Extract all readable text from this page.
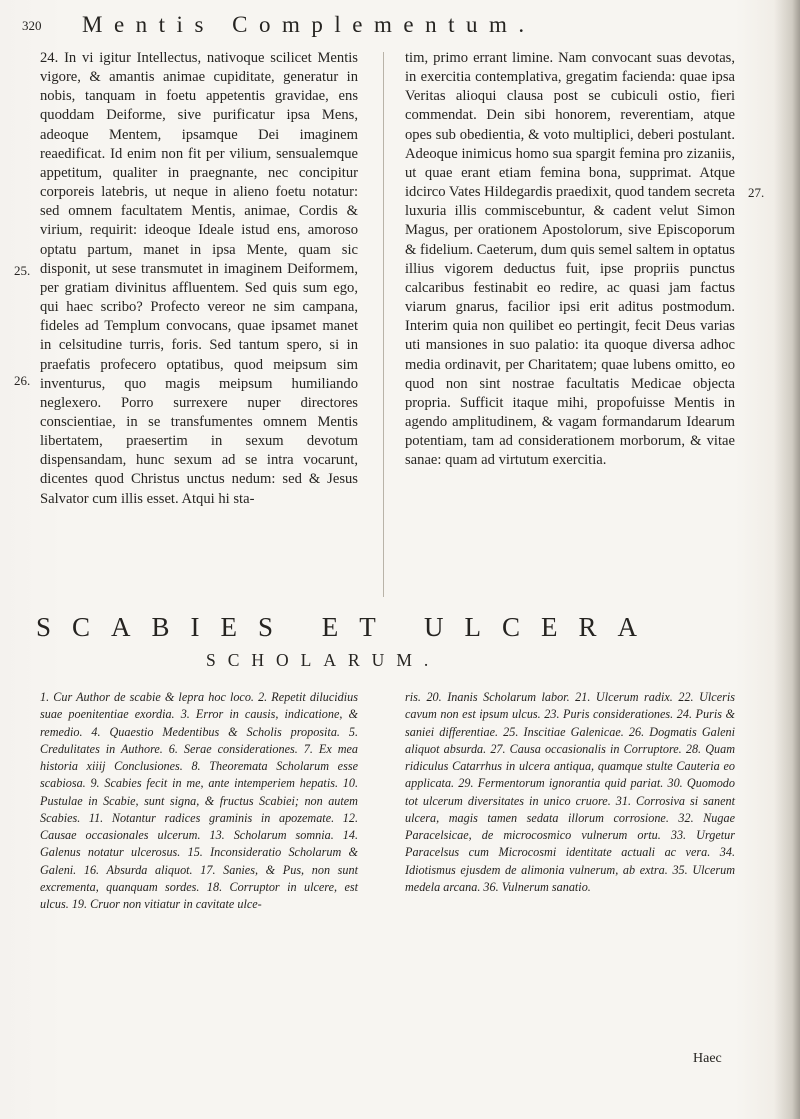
320 Mentis Complementum.

24. In vi igitur Intellectus, nativoque scilicet Mentis vigore, & amantis animae cupiditate, generatur in nobis, tanquam in foetu appetentis gravidae, ens quoddam Deiforme, sive purificatur ipsa Mens, adeoque Mentem, ipsamque Dei imaginem reaedificat. Id enim non fit per vilium, sensualemque appetitum, qualiter in praegnante, nec concipitur corporeis latebris, ut neque in alieno foetu notatur: sed omnem facultatem Mentis, animae, Cordis & virium, requirit: ideoque Ideale istud ens, amoroso optatu partum, manet in ipsa Mente, quam sic disponit, ut sese transmutet in imaginem Deiformem, per gratiam divinitus affluentem. Sed quis sum ego, qui haec scribo? Profecto vereor ne sim campana, fideles ad Templum convocans, quae ipsamet manet in celsitudine turris, foris. Sed tantum spero, si in praefatis profecero optatibus, quod meipsum sim inventurus, quo magis meipsum humiliando neglexero. Porro surrexere nuper directores conscientiae, in se transfumentes omnem Mentis libertatem, praesertim in sexum devotum dispensandam, hunc sexum ad se intra vocarunt, dicentes quod Christus unctus nedum: sed & Jesus Salvator cum illis esset. Atqui hi sta-

tim, primo errant limine. Nam convocant suas devotas, in exercitia contemplativa, gregatim facienda: quae ipsa Veritas alioqui clausa post se cubiculi ostio, fieri commendat. Dein sibi honorem, reverentiam, atque opes sub obedientia, & voto multiplici, deberi postulant. Adeoque inimicus homo sua spargit femina pro zizaniis, ut quae erant etiam femina bona, supprimat. Atque idcirco Vates Hildegardis praedixit, quod tandem secreta luxuria illis commiscebuntur, & cadent velut Simon Magus, per orationem Apostolorum, sive Episcoporum & fidelium. Caeterum, dum quis semel saltem in optatus illius vigorem deductus fuit, ipse propriis punctus calcaribus festinabit eo redire, ac quasi jam factus viarum gnarus, facilior ipsi erit aditus postmodum. Interim quia non quilibet eo pertingit, fecit Deus varias uti mansiones in suo palatio: ita quoque diversa adhoc media ordinavit, per Charitatem; quae lubens omitto, eo quod non sint nostrae facultatis Medicae objecta propria. Sufficit itaque mihi, propofuisse Mentis in agendo amplitudinem, & vagam formandarum Idearum potentiam, tam ad considerationem morborum, & vitae sanae: quam ad virtutum exercitia.

25.
26.
27.
SCABIES ET ULCERA
SCHOLARUM.

1. Cur Author de scabie & lepra hoc loco. 2. Repetit dilucidius suae poenitentiae exordia. 3. Error in causis, indicatione, & remedio. 4. Quaestio Medentibus & Scholis proposita. 5. Credulitates in Authore. 6. Serae considerationes. 7. Ex mea historia xiiij Conclusiones. 8. Theoremata Scholarum esse scabiosa. 9. Scabies fecit in me, ante intemperiem hepatis. 10. Pustulae in Scabie, sunt signa, & fructus Scabiei; non autem Scabies. 11. Notantur radices graminis in apozemate. 12. Causae occasionales ulcerum. 13. Scholarum somnia. 14. Galenus notatur ulcerosus. 15. Inconsideratio Scholarum & Galeni. 16. Absurda aliquot. 17. Sanies, & Pus, non sunt excrementa, quanquam sordes. 18. Corruptor in ulcere, est ulcus. 19. Cruor non vitiatur in cavitate ulce-

ris. 20. Inanis Scholarum labor. 21. Ulcerum radix. 22. Ulceris cavum non est ipsum ulcus. 23. Puris considerationes. 24. Puris & saniei differentiae. 25. Inscitiae Galenicae. 26. Dogmatis Galeni aliquot absurda. 27. Causa occasionalis in Corruptore. 28. Quam ridiculus Catarrhus in ulcera antiqua, quamque stulte Cauteria eo applicata. 29. Fermentorum ignorantia quid pariat. 30. Quomodo tot ulcerum diversitates in unico cruore. 31. Corrosiva si sanent ulcera, magis tamen sedata illorum corrosione. 32. Nugae Paracelsicae, de microcosmico vulnerum ortu. 33. Urgetur Paracelsus cum Microcosmi identitate actuali ac vera. 34. Idiotismus ejusdem de alimonia vulnerum, ab extra. 35. Ulcerum medela arcana. 36. Vulnerum sanatio.

Haec
